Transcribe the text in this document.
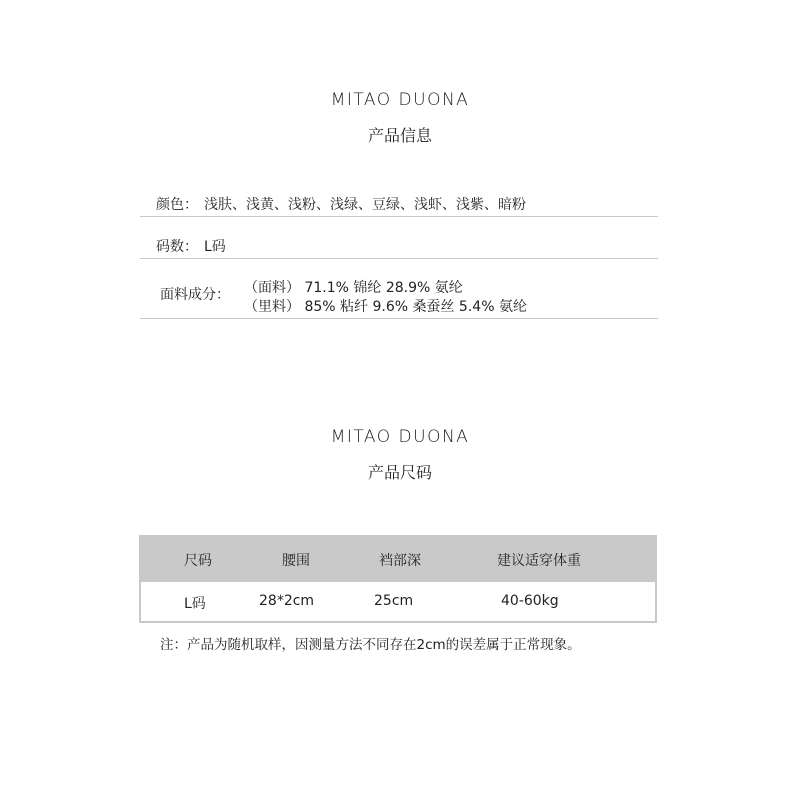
MITAO DUONA
产品信息
颜色： 浅肤、浅黄、浅粉、浅绿、豆绿、浅虾、浅紫、暗粉
码数： L码
面料成分： （面料） 71.1% 锦纶 28.9% 氨纶
（里料） 85% 粘纤 9.6% 桑蚕丝 5.4% 氨纶
MITAO DUONA
产品尺码
尺码	腰围	裆部深	建议适穿体重
L码	28*2cm	25cm	40-60kg
注：产品为随机取样，因测量方法不同存在2cm的误差属于正常现象。
